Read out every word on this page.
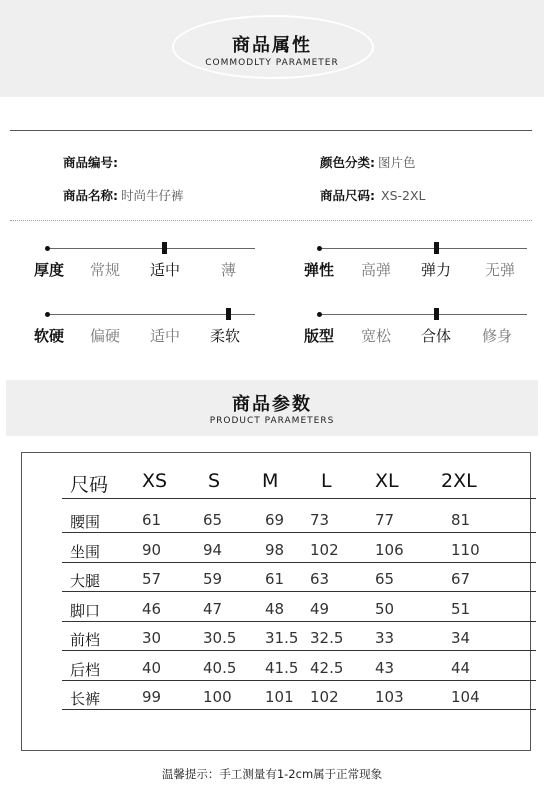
商品属性
COMMODLTY PARAMETER
商品编号:	颜色分类: 图片色
商品名称: 时尚牛仔裤	商品尺码: XS-2XL
厚度 常规 适中	薄	弹性 高弹 弹力 无弹
软硬 偏硬 适中 柔软	版型 宽松 合体 修身
商品参数
PRODUCT PARAMETERS
尺码 XS S M L XL 2XL
腰围	61	65	69 73	77	81
坐围	90	94	98 102 106	110
大腿	57	59	61 63	65	67
脚口	46	47	48 49	50	51
前档	30	30.5 31.5 32.5 33	34
后档	40	40.5 41.5 42.5 43	44
长裤	99	100 101 102 103	104
温馨提示：手工测量有1-2cm属于正常现象
